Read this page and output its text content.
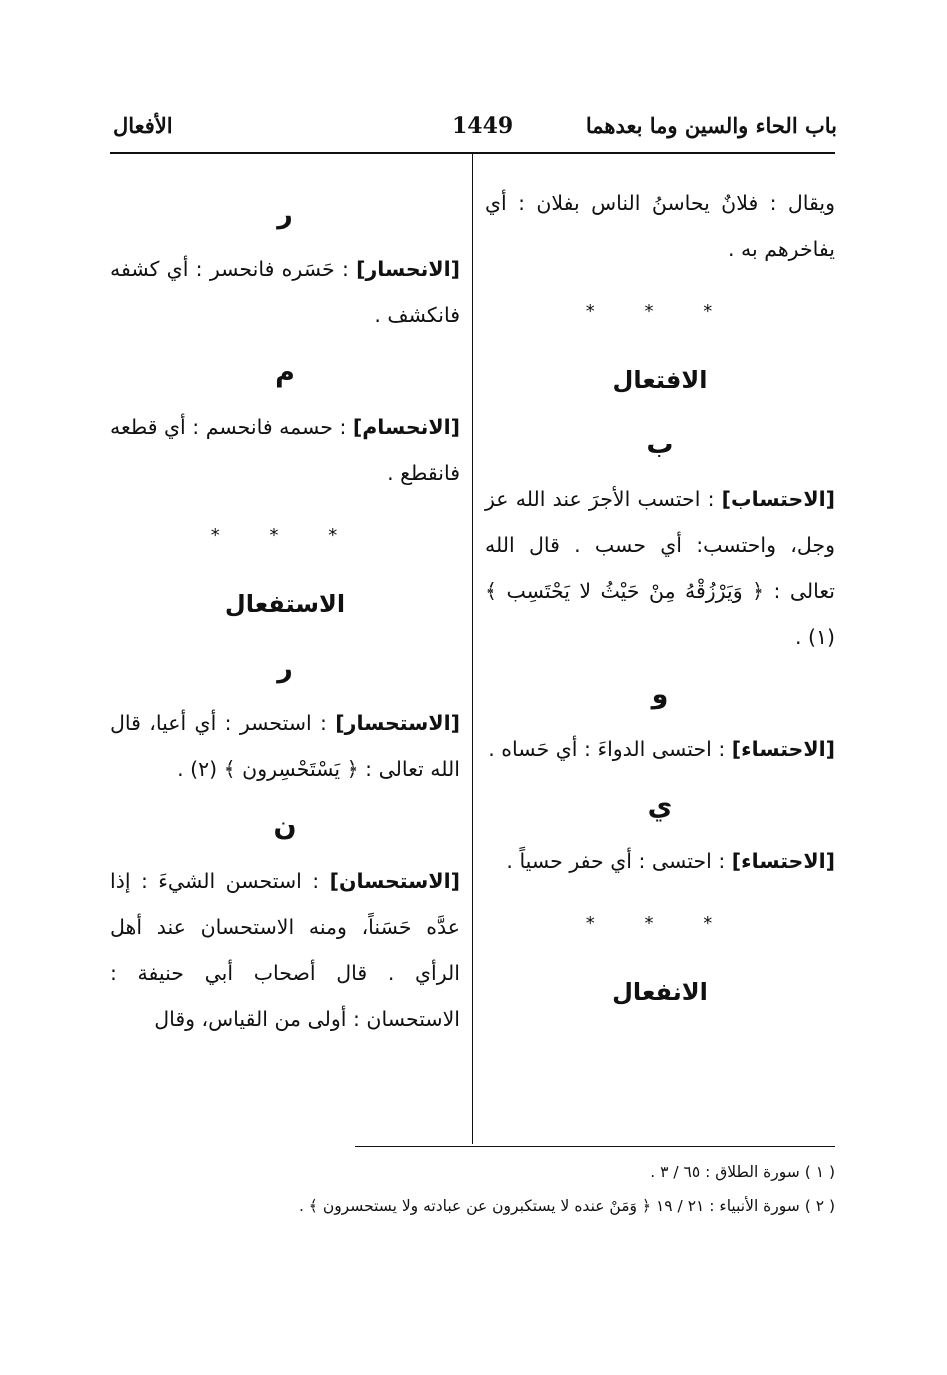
باب الحاء والسين وما بعدهما
1449
الأفعال
ويقال : فلانٌ يحاسنُ الناس بفلان : أي يفاخرهم به .
* * *
الافتعال
ب
[الاحتساب] : احتسب الأجرَ عند الله عز وجل، واحتسب: أي حسب . قال الله تعالى : ﴿ وَيَرْزُقْهُ مِنْ حَيْثُ لا يَحْتَسِب ﴾ (١) .
و
[الاحتساء] : احتسى الدواءَ : أي حَساه .
ي
[الاحتساء] : احتسى : أي حفر حسياً .
* * *
الانفعال
ر
[الانحسار] : حَسَره فانحسر : أي كشفه فانكشف .
م
[الانحسام] : حسمه فانحسم : أي قطعه فانقطع .
* * *
الاستفعال
ر
[الاستحسار] : استحسر : أي أعيا، قال الله تعالى : ﴿ يَسْتَحْسِرون ﴾ (٢) .
ن
[الاستحسان] : استحسن الشيءَ : إذا عدَّه حَسَناً، ومنه الاستحسان عند أهل الرأي . قال أصحاب أبي حنيفة : الاستحسان : أولى من القياس، وقال
( ١ ) سورة الطلاق : ٦٥ / ٣ .
( ٢ ) سورة الأنبياء : ٢١ / ١٩ ﴿ وَمَنْ عنده لا يستكبرون عن عبادته ولا يستحسرون ﴾ .
